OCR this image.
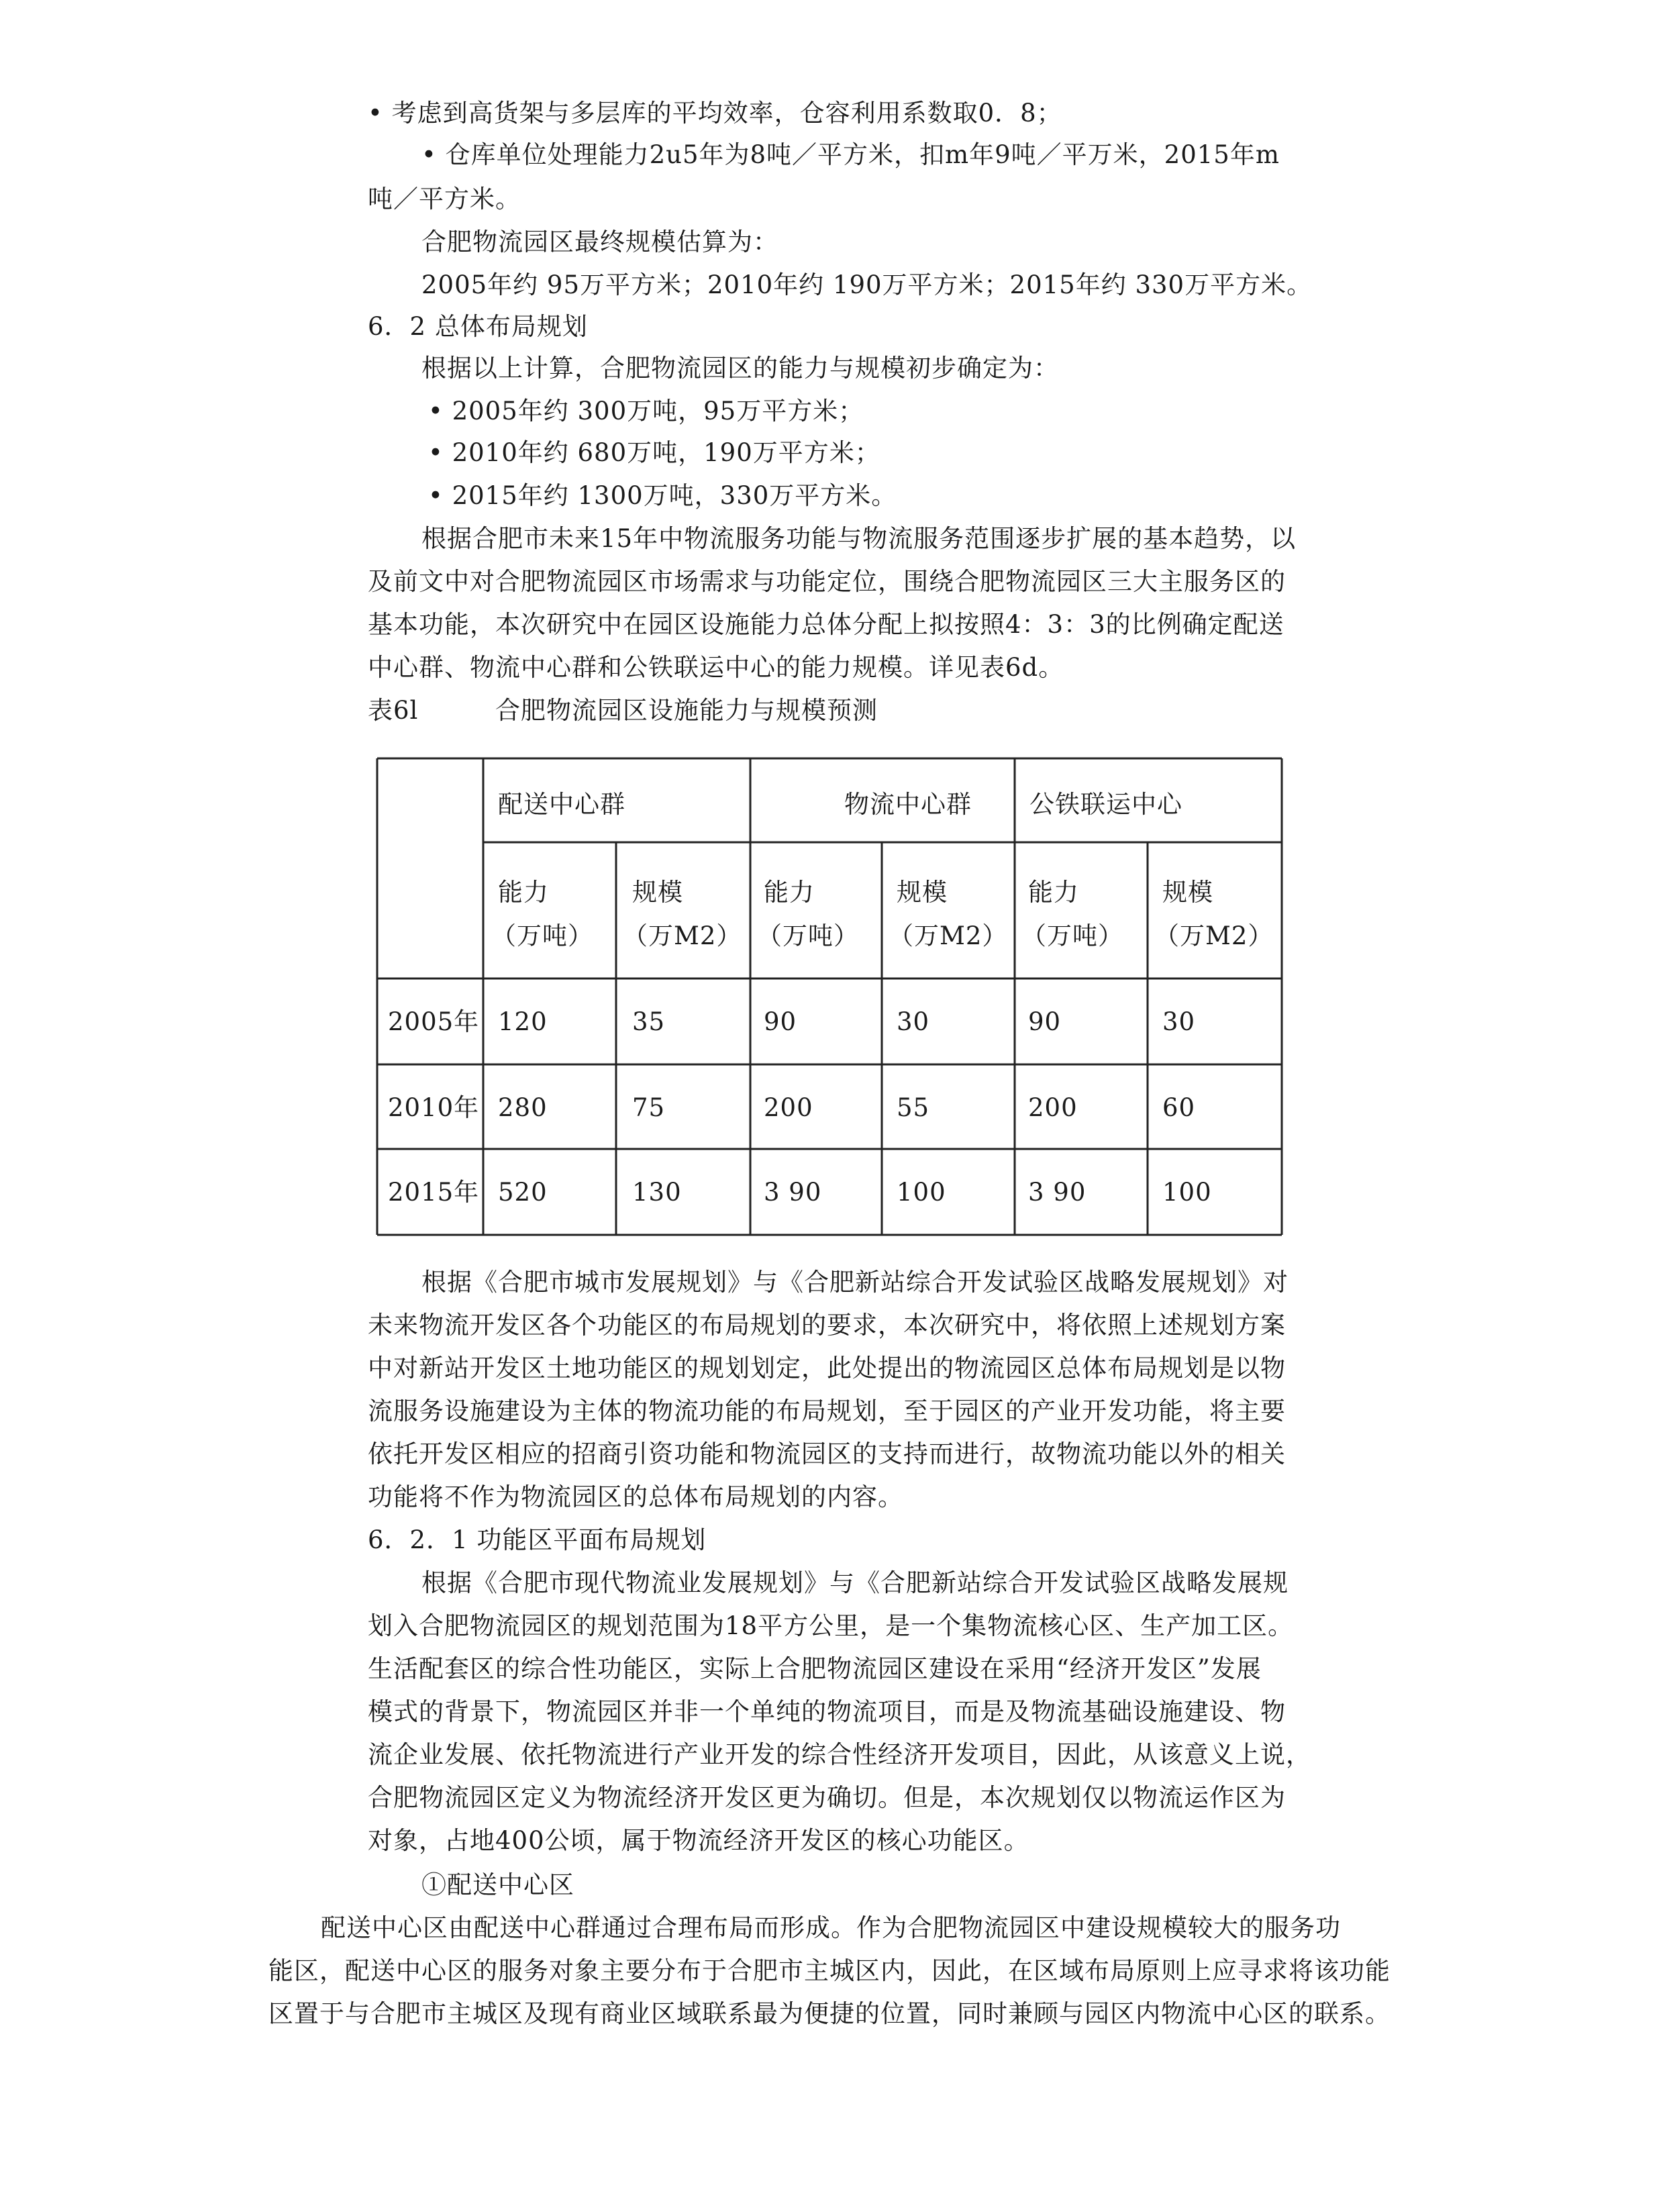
• 考虑到高货架与多层库的平均效率，仓容利用系数取0．8；
• 仓库单位处理能力2u5年为8吨／平方米，扣m年9吨／平万米，2015年m
吨／平方米。
合肥物流园区最终规模估算为：
2005年约 95万平方米；2010年约 190万平方米；2015年约 330万平方米。
6．2 总体布局规划
根据以上计算，合肥物流园区的能力与规模初步确定为：
• 2005年约 300万吨，95万平方米；
• 2010年约 680万吨，190万平方米；
• 2015年约 1300万吨，330万平方米。
根据合肥市未来15年中物流服务功能与物流服务范围逐步扩展的基本趋势，以
及前文中对合肥物流园区市场需求与功能定位，围绕合肥物流园区三大主服务区的
基本功能，本次研究中在园区设施能力总体分配上拟按照4：3：3的比例确定配送
中心群、物流中心群和公铁联运中心的能力规模。详见表6d。
表6l	合肥物流园区设施能力与规模预测
配送中心群	物流中心群 公铁联运中心
能力	规模	能力	规模	能力	规模
（万吨） （万M2） （万吨） （万M2） （万吨） （万M2）
2005年 120	35	90	30	90	30
2010年 280	75	200	55	200	60
2015年 520	130	3 90	100	3 90	100
根据《合肥市城市发展规划》与《合肥新站综合开发试验区战略发展规划》对
未来物流开发区各个功能区的布局规划的要求，本次研究中，将依照上述规划方案
中对新站开发区土地功能区的规划划定，此处提出的物流园区总体布局规划是以物
流服务设施建设为主体的物流功能的布局规划，至于园区的产业开发功能，将主要
依托开发区相应的招商引资功能和物流园区的支持而进行，故物流功能以外的相关
功能将不作为物流园区的总体布局规划的内容。
6．2．1 功能区平面布局规划
根据《合肥市现代物流业发展规划》与《合肥新站综合开发试验区战略发展规
划入合肥物流园区的规划范围为18平方公里，是一个集物流核心区、生产加工区。
生活配套区的综合性功能区，实际上合肥物流园区建设在采用“经济开发区”发展
模式的背景下，物流园区并非一个单纯的物流项目，而是及物流基础设施建设、物
流企业发展、依托物流进行产业开发的综合性经济开发项目，因此，从该意义上说，
合肥物流园区定义为物流经济开发区更为确切。但是，本次规划仅以物流运作区为
对象，占地400公顷，属于物流经济开发区的核心功能区。
①配送中心区
配送中心区由配送中心群通过合理布局而形成。作为合肥物流园区中建设规模较大的服务功
能区，配送中心区的服务对象主要分布于合肥市主城区内，因此，在区域布局原则上应寻求将该功能
区置于与合肥市主城区及现有商业区域联系最为便捷的位置，同时兼顾与园区内物流中心区的联系。
